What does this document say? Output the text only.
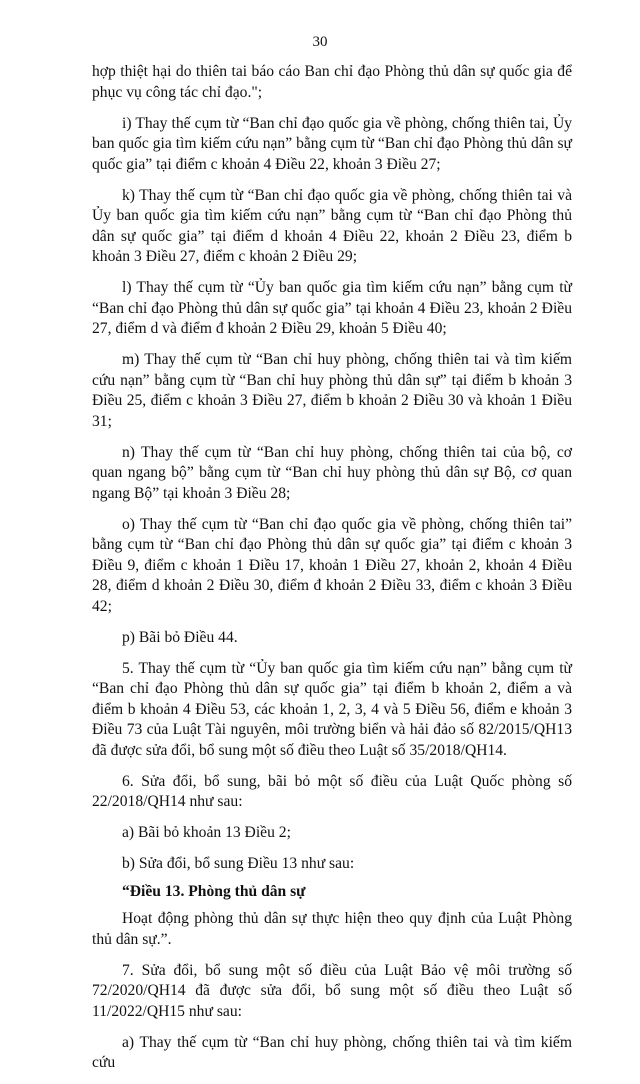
30

hợp thiệt hại do thiên tai báo cáo Ban chỉ đạo Phòng thủ dân sự quốc gia để phục vụ công tác chỉ đạo.";

i) Thay thế cụm từ “Ban chỉ đạo quốc gia về phòng, chống thiên tai, Ủy ban quốc gia tìm kiếm cứu nạn” bằng cụm từ “Ban chỉ đạo Phòng thủ dân sự quốc gia” tại điểm c khoản 4 Điều 22, khoản 3 Điều 27;

k) Thay thế cụm từ “Ban chỉ đạo quốc gia về phòng, chống thiên tai và Ủy ban quốc gia tìm kiếm cứu nạn” bằng cụm từ “Ban chỉ đạo Phòng thủ dân sự quốc gia” tại điểm d khoản 4 Điều 22, khoản 2 Điều 23, điểm b khoản 3 Điều 27, điểm c khoản 2 Điều 29;

l) Thay thế cụm từ “Ủy ban quốc gia tìm kiếm cứu nạn” bằng cụm từ “Ban chỉ đạo Phòng thủ dân sự quốc gia” tại khoản 4 Điều 23, khoản 2 Điều 27, điểm d và điểm đ khoản 2 Điều 29, khoản 5 Điều 40;

m) Thay thế cụm từ “Ban chỉ huy phòng, chống thiên tai và tìm kiếm cứu nạn” bằng cụm từ “Ban chỉ huy phòng thủ dân sự” tại điểm b khoản 3 Điều 25, điểm c khoản 3 Điều 27, điểm b khoản 2 Điều 30 và khoản 1 Điều 31;

n) Thay thế cụm từ “Ban chỉ huy phòng, chống thiên tai của bộ, cơ quan ngang bộ” bằng cụm từ “Ban chỉ huy phòng thủ dân sự Bộ, cơ quan ngang Bộ” tại khoản 3 Điều 28;

o) Thay thế cụm từ “Ban chỉ đạo quốc gia về phòng, chống thiên tai” bằng cụm từ “Ban chỉ đạo Phòng thủ dân sự quốc gia” tại điểm c khoản 3 Điều 9, điểm c khoản 1 Điều 17, khoản 1 Điều 27, khoản 2, khoản 4 Điều 28, điểm d khoản 2 Điều 30, điểm đ khoản 2 Điều 33, điểm c khoản 3 Điều 42;

p) Bãi bỏ Điều 44.

5. Thay thế cụm từ “Ủy ban quốc gia tìm kiếm cứu nạn” bằng cụm từ “Ban chỉ đạo Phòng thủ dân sự quốc gia” tại điểm b khoản 2, điểm a và điểm b khoản 4 Điều 53, các khoản 1, 2, 3, 4 và 5 Điều 56, điểm e khoản 3 Điều 73 của Luật Tài nguyên, môi trường biển và hải đảo số 82/2015/QH13 đã được sửa đổi, bổ sung một số điều theo Luật số 35/2018/QH14.

6. Sửa đổi, bổ sung, bãi bỏ một số điều của Luật Quốc phòng số 22/2018/QH14 như sau:

a) Bãi bỏ khoản 13 Điều 2;

b) Sửa đổi, bổ sung Điều 13 như sau:

“Điều 13. Phòng thủ dân sự

Hoạt động phòng thủ dân sự thực hiện theo quy định của Luật Phòng thủ dân sự.”.

7. Sửa đổi, bổ sung một số điều của Luật Bảo vệ môi trường số 72/2020/QH14 đã được sửa đổi, bổ sung một số điều theo Luật số 11/2022/QH15 như sau:

a) Thay thế cụm từ “Ban chỉ huy phòng, chống thiên tai và tìm kiếm cứu
